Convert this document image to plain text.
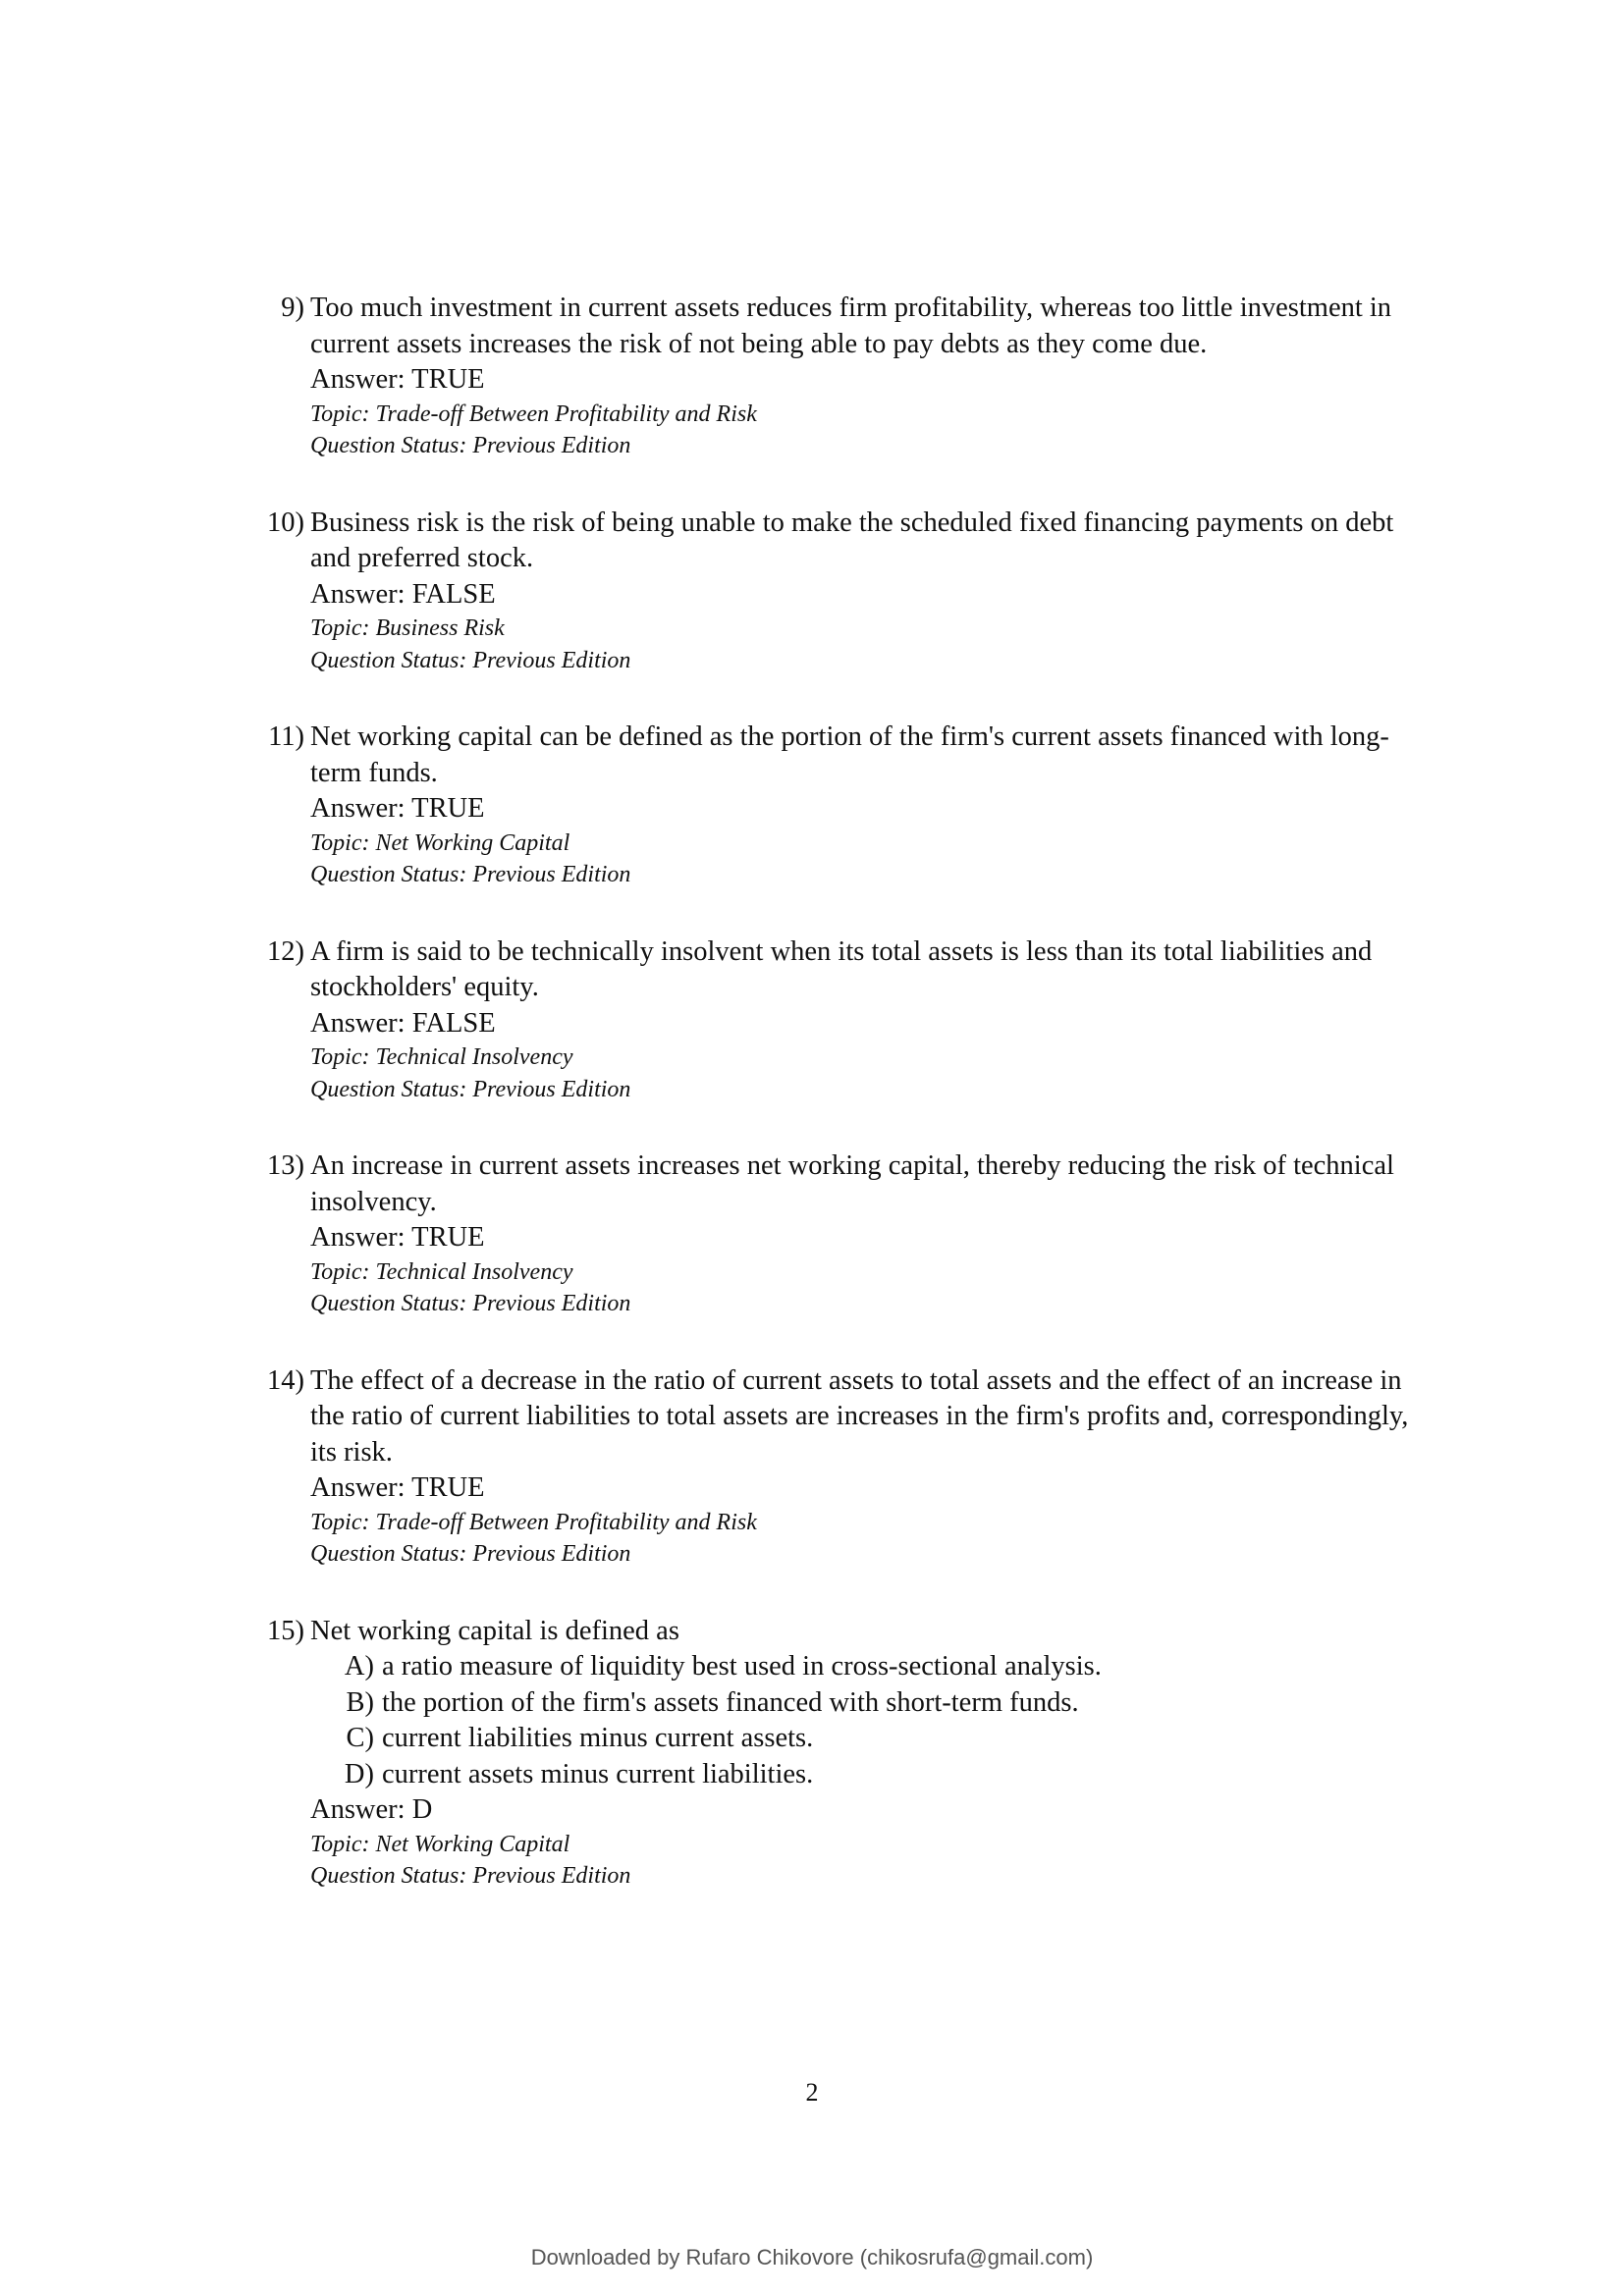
9) Too much investment in current assets reduces firm profitability, whereas too little investment in current assets increases the risk of not being able to pay debts as they come due.
Answer: TRUE
Topic: Trade-off Between Profitability and Risk
Question Status: Previous Edition
10) Business risk is the risk of being unable to make the scheduled fixed financing payments on debt and preferred stock.
Answer: FALSE
Topic: Business Risk
Question Status: Previous Edition
11) Net working capital can be defined as the portion of the firm's current assets financed with long-term funds.
Answer: TRUE
Topic: Net Working Capital
Question Status: Previous Edition
12) A firm is said to be technically insolvent when its total assets is less than its total liabilities and stockholders' equity.
Answer: FALSE
Topic: Technical Insolvency
Question Status: Previous Edition
13) An increase in current assets increases net working capital, thereby reducing the risk of technical insolvency.
Answer: TRUE
Topic: Technical Insolvency
Question Status: Previous Edition
14) The effect of a decrease in the ratio of current assets to total assets and the effect of an increase in the ratio of current liabilities to total assets are increases in the firm's profits and, correspondingly, its risk.
Answer: TRUE
Topic: Trade-off Between Profitability and Risk
Question Status: Previous Edition
15) Net working capital is defined as
A) a ratio measure of liquidity best used in cross-sectional analysis.
B) the portion of the firm's assets financed with short-term funds.
C) current liabilities minus current assets.
D) current assets minus current liabilities.
Answer: D
Topic: Net Working Capital
Question Status: Previous Edition
2
Downloaded by Rufaro Chikovore (chikosrufa@gmail.com)
